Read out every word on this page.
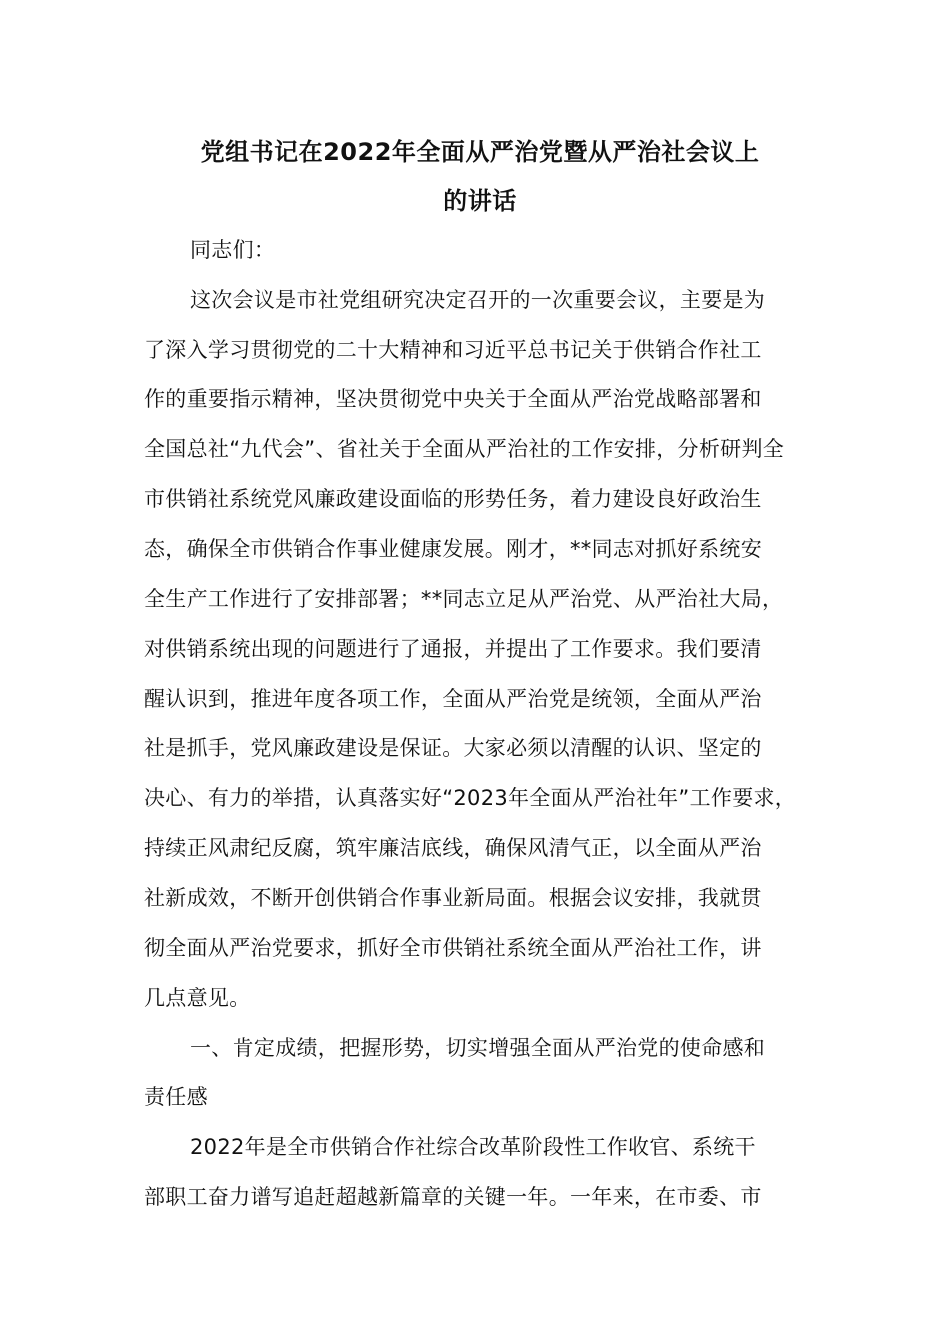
党组书记在2022年全面从严治党暨从严治社会议上
的讲话
同志们：
这次会议是市社党组研究决定召开的一次重要会议，主要是为
了深入学习贯彻党的二十大精神和习近平总书记关于供销合作社工
作的重要指示精神，坚决贯彻党中央关于全面从严治党战略部署和
全国总社“九代会”、省社关于全面从严治社的工作安排，分析研判全
市供销社系统党风廉政建设面临的形势任务，着力建设良好政治生
态，确保全市供销合作事业健康发展。刚才，**同志对抓好系统安
全生产工作进行了安排部署；**同志立足从严治党、从严治社大局，
对供销系统出现的问题进行了通报，并提出了工作要求。我们要清
醒认识到，推进年度各项工作，全面从严治党是统领，全面从严治
社是抓手，党风廉政建设是保证。大家必须以清醒的认识、坚定的
决心、有力的举措，认真落实好“2023年全面从严治社年”工作要求，
持续正风肃纪反腐，筑牢廉洁底线，确保风清气正，以全面从严治
社新成效，不断开创供销合作事业新局面。根据会议安排，我就贯
彻全面从严治党要求，抓好全市供销社系统全面从严治社工作，讲
几点意见。
一、肯定成绩，把握形势，切实增强全面从严治党的使命感和
责任感
2022年是全市供销合作社综合改革阶段性工作收官、系统干
部职工奋力谱写追赶超越新篇章的关键一年。一年来，在市委、市
